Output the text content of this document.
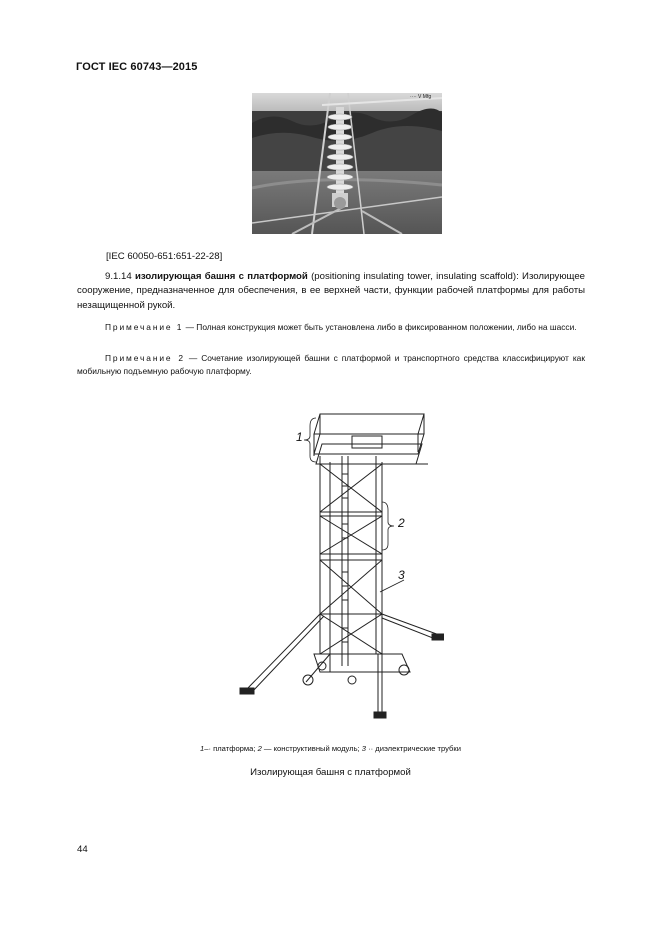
ГОСТ IEC 60743—2015
···· V Mfg
[IEC 60050-651:651-22-28]
9.1.14 изолирующая башня с платформой (positioning insulating tower, insulating scaffold): Изолирующее сооружение, предназначенное для обеспечения, в ее верхней части, функции рабочей платформы для работы незащищенной рукой.
Примечание 1 — Полная конструкция может быть установлена либо в фиксированном положении, либо на шасси.
Примечание 2 — Сочетание изолирующей башни с платформой и транспортного средства классифицируют как мобильную подъемную рабочую платформу.
1
2
3
1–· платформа; 2 — конструктивный модуль; 3 ·· диэлектрические трубки
Изолирующая башня с платформой
44
